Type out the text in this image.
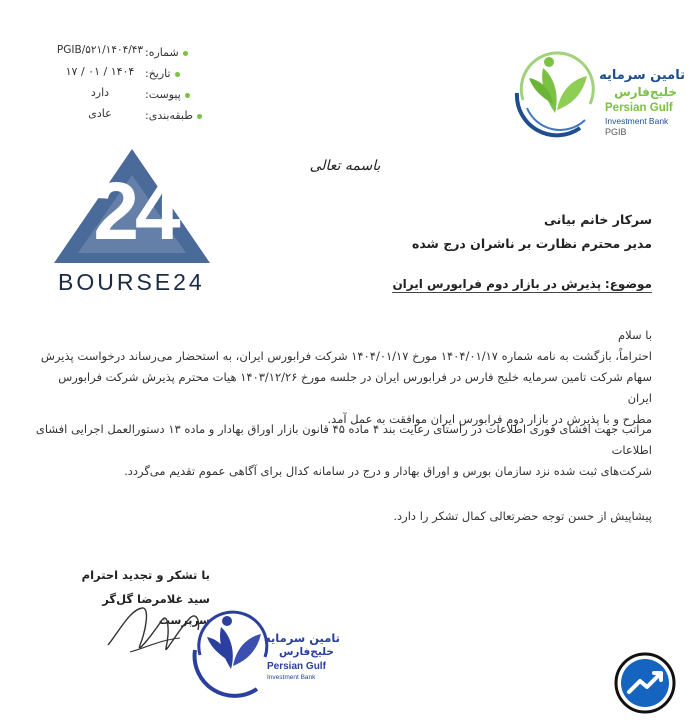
PGIB/۵۲۱/۱۴۰۴/۴۳
۱۴۰۴ / ۰۱ / ۱۷
دارد
عادی
شماره:
تاریخ:
پیوست:
طبقه‌بندی:
تامین سرمایه
خلیج‌فارس
Persian Gulf
Investment Bank
PGIB
24
BOURSE24
باسمه تعالی
سرکار خانم بیانی
مدیر محترم نظارت بر ناشران درج شده
موضوع: پذیرش در بازار دوم فرابورس ایران
با سلام
احتراماً، بازگشت به نامه شماره ۱۴۰۴/۰۱/۱۷ مورخ ۱۴۰۴/۰۱/۱۷ شرکت فرابورس ایران، به استحضار می‌رساند درخواست پذیرش
سهام شرکت تامین سرمایه خلیج فارس در فرابورس ایران در جلسه مورخ ۱۴۰۳/۱۲/۲۶ هیات محترم پذیرش شرکت فرابورس ایران
مطرح و با پذیرش در بازار دوم فرابورس ایران موافقت به عمل آمد.
مراتب جهت افشای فوری اطلاعات در راستای رعایت بند ۴ ماده ۴۵ قانون بازار اوراق بهادار و ماده ۱۳ دستورالعمل اجرایی افشای اطلاعات
شرکت‌های ثبت شده نزد سازمان بورس و اوراق بهادار و درج در سامانه کدال برای آگاهی عموم تقدیم می‌گردد.
پیشاپیش از حسن توجه حضرتعالی کمال تشکر را دارد.
با تشکر و تجدید احترام
سید غلامرضا گل‌گر
سرپرست
تامین سرمایه
خلیج‌فارس
Persian Gulf
Investment Bank
